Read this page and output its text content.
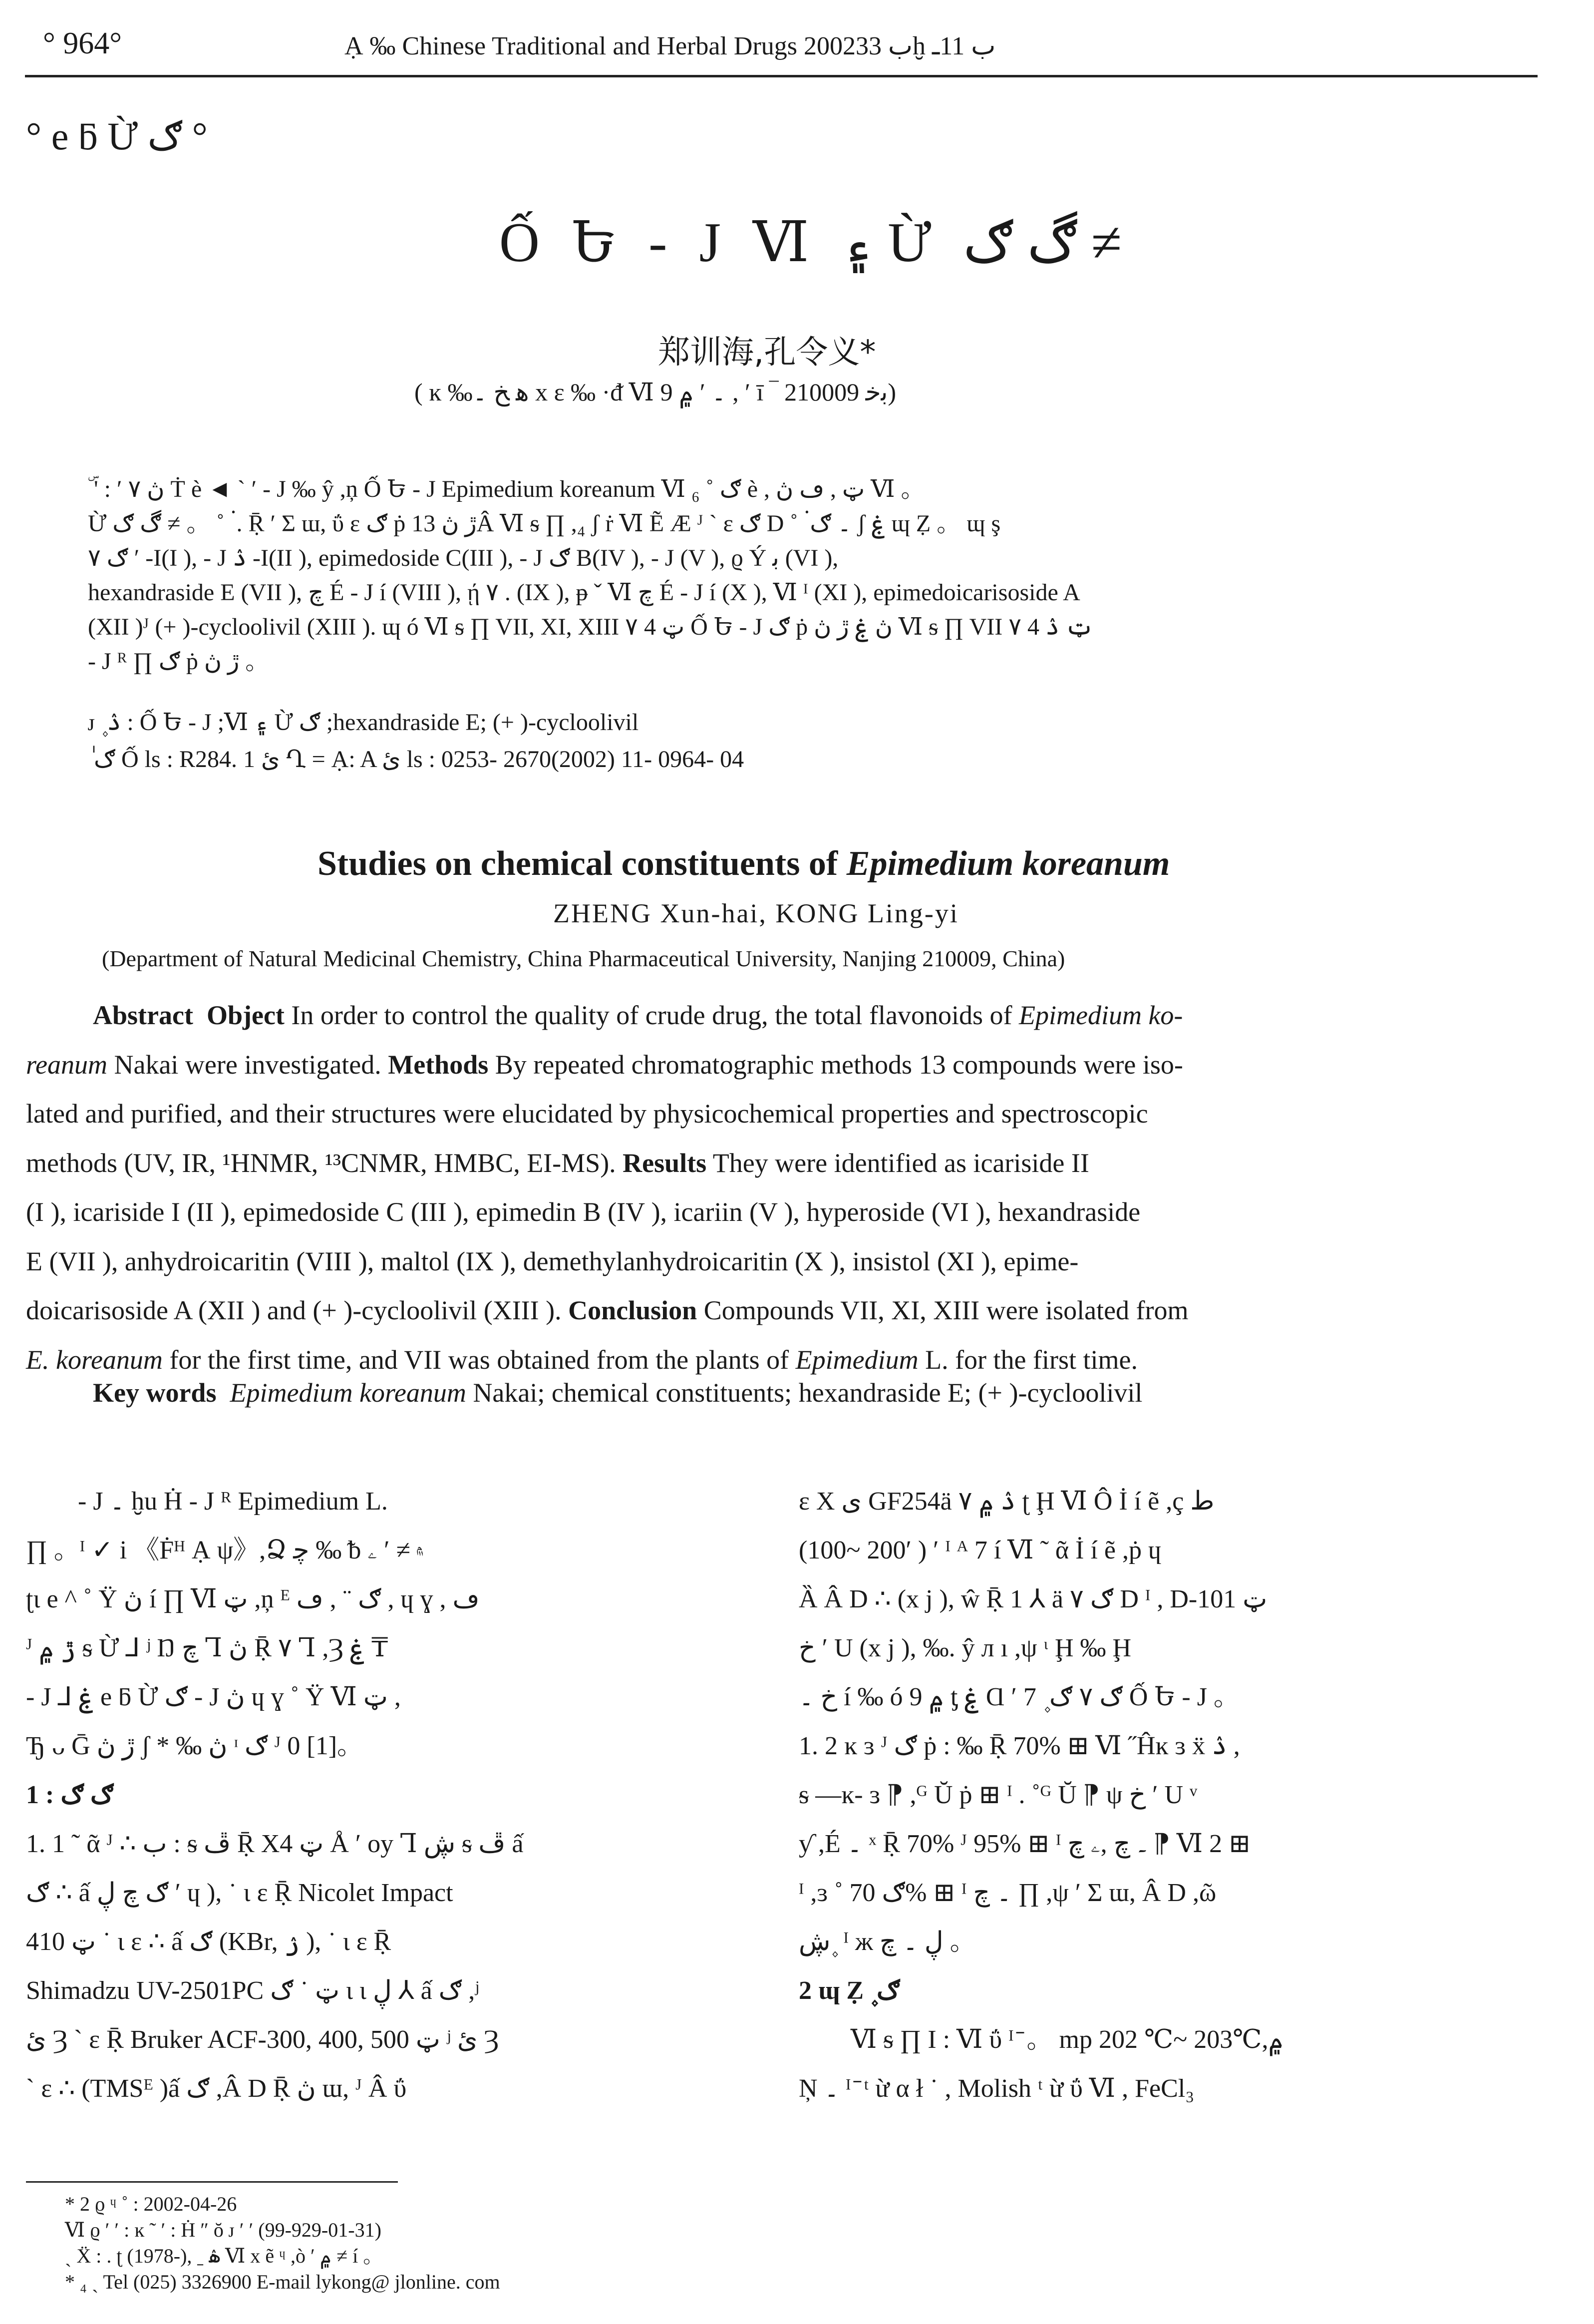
° 964°	Ạ ‰ Chinese Traditional and Herbal Drugs 2002ب 33ḫ ب 11ـ
° e ƃ Ừ ګ °
Ố Ե - J Ⅵ ۽ Ừ ڰ ګ ≠
郑训海,孔令义*
( ĸ ‰ﻫ ﺦ ۔ x ε ‰ ·ᵭ Ⅵ ۔ ′ ۾ 9 , ′ ī ‾ ﺑﺧ 210009)
ۜ ' : ′ ڽ ۷ Ṫ è ◄ ` ′ - J ‰ ŷ ,ņ Ố Ե - J Epimedium koreanum Ⅵ ₆ ˚ ګ è , ټ , ڡ ڽ Ⅵ 。
Ừ ڰ ګ ≠ 。 ˚ ۬ . Ṝ ′ Σ ɯ, ΰ ɛ ګ ṗ ڙ ڽ 13Â Ⅵ ᵴ ∏ ,₄ ʃ ṙ Ⅵ Ẽ Æ ᴶ ` ɛ ګ D ˚ ۬ ۔ ګ ʃ ۼ ɰ Ẓ 。 ɰ ş
ګ ۷ ′ -I(I ), - J ۮ -I(II ), epimedoside C(III ), - J ګ B(IV ), - J (V ), ϱ Ý ﺑ (VI ),
hexandraside E (VII ), ﭺ É - J í (VIII ), ῄ ۷ . (IX ), ᵽ ˇ Ⅵ ﭺ É - J í (X ), Ⅵ ᴵ (XI ), epimedoicarisoside A
(XII )ᴶ (+ )-cycloolivil (XIII ). ɰ ó Ⅵ ᵴ ∏ VII, XI, XIII ۷ 4 ټ Ố Ե - J ګ ṗ ڽ ۼ ڙ ڽ Ⅵ ᵴ ∏ VII ۷ 4 ټ ۮ
- J ᴿ ∏ ګ ṗ ڙ ڽ 。
ᴊ ۪ ۮ : Ố Ե - J ;Ⅵ ۽ Ừ ګ ;hexandraside E; (+ )-cycloolivil
ٰ ګ Ố ls : R284. 1 ئ Ղ = Ạ: A ئ ls : 0253- 2670(2002) 11- 0964- 04
Studies on chemical constituents of Epimedium koreanum
ZHENG Xun-hai, KONG Ling-yi
(Department of Natural Medicinal Chemistry, China Pharmaceutical University, Nanjing 210009, China)
Abstract Object In order to control the quality of crude drug, the total flavonoids of Epimedium ko-
reanum Nakai were investigated. Methods By repeated chromatographic methods 13 compounds were iso-
lated and purified, and their structures were elucidated by physicochemical properties and spectroscopic
methods (UV, IR, ¹HNMR, ¹³CNMR, HMBC, EI-MS). Results They were identified as icariside II
(I ), icariside I (II ), epimedoside C (III ), epimedin B (IV ), icariin (V ), hyperoside (VI ), hexandraside
E (VII ), anhydroicaritin (VIII ), maltol (IX ), demethylanhydroicaritin (X ), insistol (XI ), epime-
doicarisoside A (XII ) and (+ )-cycloolivil (XIII ). Conclusion Compounds VII, XI, XIII were isolated from
E. koreanum for the first time, and VII was obtained from the plants of Epimedium L. for the first time.
Key words Epimedium koreanum Nakai; chemical constituents; hexandraside E; (+ )-cycloolivil
- J ۔ ḫu Ḣ - J ᴿ Epimedium L.
∏ 。ᴵ ✓ i 《Ḟᴴ Ạ ψ》,Ձ ﭼ ‰ ᵬ ۾ ≠ ′ ۦ
ʈɩ e ^ ˚ Ÿ ڽ í ∏ Ⅵ ټ ,ņ ᴱ ګ ¨ , ڡ , ɥ ɣ , ڡ
ᴶ ڙ ۾ ᵴ Ừ ⅃ ʲ Ŋ ﭺ Ꞁ ڽ Ṝ ۷ Ꞁ ,Ȝ ۼ ₸
- J ⅃ ۼ e ƃ Ừ ګ - J ڽ ɥ ɣ ˚ Ÿ Ⅵ ټ ,
Ђ ᴗ Ḡ ڙ ڽ ʃ * ‰ ڽ ᶦ ګ ᴶ 0 [1]。
1 : ګ ګ
1. 1 ˜ ᾶ ᴶ ∴ ب : ᵴ ڦ Ṝ X4 ټ Å ′ oy Ꞁ ڜ ᵴ ڦ ấ
ګ ∴ ấ ګ ﭺ ڸ ′ ɥ ), ˙ ι ɛ Ṝ Nicolet Impact
410 ټ ˙ ι ɛ ∴ ấ ګ (KBr, ۯ ), ˙ ι ɛ Ṝ
Shimadzu UV-2501PC ټ ˙ ګ ι ι ڸ ⅄ ấ ګ ,ʲ
ئ Ȝ ` ɛ Ṝ Bruker ACF-300, 400, 500 ټ ʲ ئ Ȝ
` ɛ ∴ (TMSᴱ )ấ ګ ,Â D Ṝ ڽ ɯ, ᴶ Â ΰ
ɛ X ی GF254ä ۷ ۮ ۾ ʈ Ḩ Ⅵ Ô İ í ẽ ,ç ط
(100~ 200′ ) ′ ᴵ ᴬ 7 í Ⅵ ˜ ᾶ İ í ẽ ,ṗ ɥ
Ȁ Â D ∴ (x j ), ŵ Ṝ 1 ⅄ ä ۷ ګ D ᴵ , D-101 ټ
ﺥ ′ U (x j ), ‰. ŷ ᴫ ı ,ψ ᶥ Ḩ ‰ Ḩ
ﺥ ۔ í ‰ ó ۾ 9 ƫ ۼ Ɑ ′ 7 ۪ ګ ۷ ګ Ố Ե - J 。
1. 2 ĸ ɜ ᴶ ګ ṗ : ‰ Ṝ 70% ⊞ Ⅵ ˝Ĥĸ ɜ ẍ ۮ ,
ᵴ —ĸ- ɜ ⁋ ,ᴳ Ŭ ṗ ⊞ ᴵ . ˚ᴳ Ŭ ⁋ ψ ﺥ ′ U ᵛ
ƴ ,É ۔ ˣ Ṝ 70% ᴶ 95% ⊞ ᴵ ۔ ﭺ ,ۦ ﭺ ⁋ Ⅵ 2 ⊞
ᴵ ,ɜ ˚ ګ 70% ⊞ ᴵ ۔ ﭺ ∏ ,ψ ′ Σ ɯ, Â D ,ῶ
ڜ ۪ ᴵ ж ڸ ۔ ﭺ 。
2 ɰ Ẓ ۪ ګ
Ⅵ ᵴ ∏ I : Ⅵ ΰ ᴵ ̄ 。 mp 202 ℃~ 203℃,۾
Ņ ۔ ᴵ ̄ ᵗ ừ α ł ˙ , Molish ᵗ ừ ΰ Ⅵ , FeCl₃
* 2 ϱ ᶣ ˚ : 2002-04-26
Ⅵ ϱ ′ ′ : ĸ ˜ ′ : Ḣ ″ ŏ ᴊ ′ ′ (99-929-01-31)
ˏ Ẍ : . ʈ (1978-), ˍ ۿ Ⅵ x ẽ ᶣ ,ò ′ ۾ ≠ í 。
* ₄ ˏ Tel (025) 3326900 E-mail lykong@ jlonline. com
